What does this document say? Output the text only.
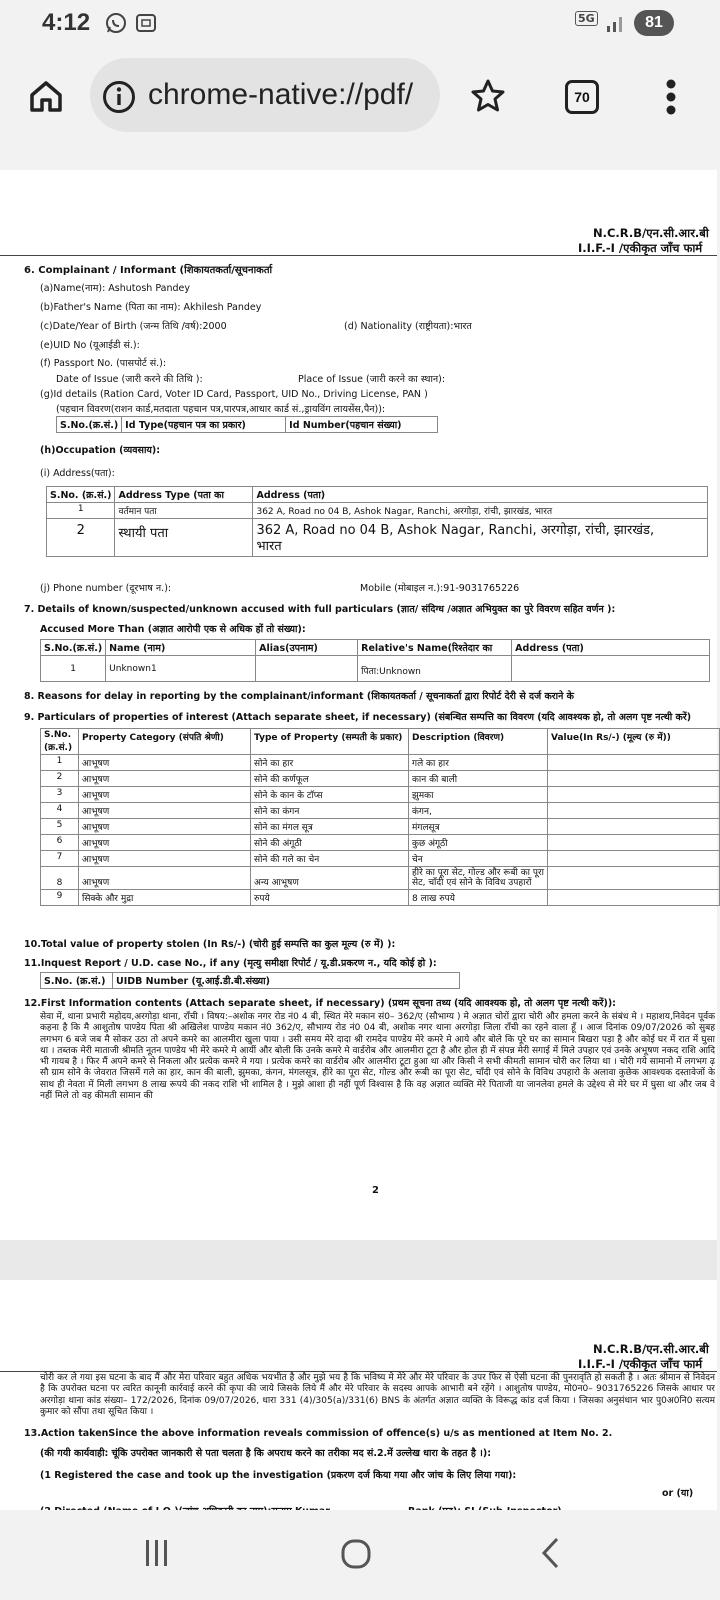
4:12	5G	81
chrome-native://pdf/	70
N.C.R.B/एन.सी.आर.बी
I.I.F.-I /एकीकृत जाँच फार्म
6. Complainant / Informant (शिकायतकर्ता/सूचनाकर्ता
(a)Name(नाम): Ashutosh Pandey
(b)Father's Name (पिता का नाम): Akhilesh Pandey
(c)Date/Year of Birth (जन्म तिथि /वर्ष):2000	(d) Nationality (राष्ट्रीयता):भारत
(e)UID No (यूआईडी सं.):
(f) Passport No. (पासपोर्ट सं.):
Date of Issue (जारी करने की तिथि ):	Place of Issue (जारी करने का स्थान):
(g)Id details (Ration Card, Voter ID Card, Passport, UID No., Driving License, PAN )
(पहचान विवरण(राशन कार्ड,मतदाता पहचान पत्र,पारपत्र,आधार कार्ड सं.,ड्रायविंग लायसेंस,पैन)):
S.No.(क्र.सं.)	Id Type(पहचान पत्र का प्रकार)	Id Number(पहचान संख्या)
(h)Occupation (व्यवसाय):
(i) Address(पता):
S.No. (क्र.सं.)	Address Type (पता का	Address (पता)
1	वर्तमान पता	362 A, Road no 04 B, Ashok Nagar, Ranchi, अरगोड़ा, रांची, झारखंड, भारत
2	स्थायी पता	362 A, Road no 04 B, Ashok Nagar, Ranchi, अरगोड़ा, रांची, झारखंड,
भारत
(j) Phone number (दूरभाष न.):	Mobile (मोबाइल न.):91-9031765226
7. Details of known/suspected/unknown accused with full particulars (ज्ञात/ संदिग्ध /अज्ञात अभियुक्त का पुरे विवरण सहित वर्णन ):
Accused More Than (अज्ञात आरोपी एक से अधिक हों तो संख्या):
S.No.(क्र.सं.)	Name (नाम)	Alias(उपनाम)	Relative's Name(रिश्तेदार का	Address (पता)
1	Unknown1		पिता:Unknown	
8. Reasons for delay in reporting by the complainant/informant (शिकायतकर्ता / सूचनाकर्ता द्वारा रिपोर्ट देरी से दर्ज कराने के
9. Particulars of properties of interest (Attach separate sheet, if necessary) (संबन्धित सम्पत्ति का विवरण (यदि आवश्यक हो, तो अलग पृष्ट नत्थी करें)
S.No. (क्र.सं.)	Property Category (संपति श्रेणी)	Type of Property (सम्पती के प्रकार)	Description (विवरण)	Value(In Rs/-) (मूल्य (रु में))
1	आभूषण	सोने का हार	गले का हार	
2	आभूषण	सोने की कर्णफूल	कान की बाली	
3	आभूषण	सोने के कान के टॉप्स	झुमका	
4	आभूषण	सोने का कंगन	कंगन,	
5	आभूषण	सोने का मंगल सूत्र	मंगलसूत्र	
6	आभूषण	सोने की अंगूठी	कुछ अंगूठी	
7	आभूषण	सोने की गले का चेन	चेन	
8	आभूषण	अन्य आभूषण	हीरे का पूरा सेट, गोल्ड और रूबी का पूरा सेट, चाँदी एवं सोने के विविध उपहारों	
9	सिक्के और मुद्रा	रुपये	8 लाख रुपये	
10.Total value of property stolen (In Rs/-) (चोरी हुई सम्पत्ति का कुल मूल्य (रु में) ):
11.Inquest Report / U.D. case No., if any (मृत्यु समीक्षा रिपोर्ट / यू.डी.प्रकरण न., यदि कोई हो ):
S.No. (क्र.सं.)	UIDB Number (यू.आई.डी.बी.संख्या)
12.First Information contents (Attach separate sheet, if necessary) (प्रथम सूचना तथ्य (यदि आवश्यक हो, तो अलग पृष्ट नत्थी करें)):
सेवा में, थाना प्रभारी महोदय,अरगोड़ा थाना, राँची । विषय:–अशोक नगर रोड नं0 4 बी, स्थित मेरे मकान सं0– 362/ए (सौभाग्य ) मे अज्ञात चोरों द्वारा चोरी और हमला करने के संबंध मे । महाशय,निवेदन पूर्वक कहना है कि मै आशुतोष पाण्डेय पिता श्री अखिलेश पाण्डेय मकान नं0 362/ए, सौभाग्य रोड नं0 04 बी, अशोक नगर थाना अरगोड़ा जिला राँची का रहने वाला हूँ । आज दिनांक 09/07/2026 को सुबह लगभग 6 बजे जब मै सोकर उठा तो अपने कमरे का आलमीरा खुला पाया । उसी समय मेरे दादा श्री रामदेव पाण्डेय मेरे कमरे मे आये और बोले कि पूरे घर का सामान बिखरा पड़ा है और कोई घर में रात में घुसा था । तब्तक मेरी माताजी श्रीमति नूतन पाण्डेय भी मेरे कमरे मे आयीं और बोली कि उनके कमरे मे वार्डरोब और आलमीरा टूटा है और होल ही में संपन्न मेरी सगाई में मिले उपहार एवं उनके अभूषण नकद राशि आदि भी गायब है । फिर मैं अपने कमरे से निकला और प्रत्येक कमरे मे गया । प्रत्येक कमरे का वार्डरोब और आलमीरा टूटा हुआ था और किसी ने सभी कीमती सामान चोरी कर लिया था । चोरी गये सामानो में लगभग ढ़ सौ ग्राम सोने के जेवरात जिसमें गले का हार, कान की बाली, झुमका, कंगन, मंगलसूत्र, हीरे का पूरा सेट, गोल्ड और रूबी का पूरा सेट, चाँदी एवं सोने के विविध उपहारो के अलावा कुछेक आवश्यक दस्तावेजों के साथ ही नेवता में मिली लगभग 8 लाख रूपये की नकद राशि भी शामिल है । मुझे आशा ही नहीं पूर्ण विश्वास है कि वह अज्ञात व्यक्ति मेरे पिताजी या जानलेवा हमले के उद्देश्य से मेरे घर में घुसा था और जब वे नहीं मिले तो वह कीमती सामान की
2
N.C.R.B/एन.सी.आर.बी
I.I.F.-I /एकीकृत जाँच फार्म
चोरी कर ले गया इस घटना के बाद मैं और मेरा परिवार बहुत अधिक भयभीत है और मुझे भय है कि भविष्य मे मेरे और मेरे परिवार के उपर फिर से ऐसी घटना की पुनरावृति हो सकती है । अतः श्रीमान से निवेदन है कि उपरोक्त घटना पर त्वरित कानूनी कार्रवाई करने की कृपा की जाये जिसके लिये मैं और मेरे परिवार के सदस्य आपके आभारी बने रहेंगे । आशुतोष पाण्डेय, मो0न0– 9031765226 जिसके आधार पर अरगोड़ा थाना कांड संख्या– 172/2026, दिनांक 09/07/2026, धारा 331 (4)/305(a)/331(6) BNS के अंतर्गत अज्ञात व्यक्ति के विरूद्ध कांड दर्ज किया । जिसका अनुसंधान भार पु0अ0नि0 सत्यम कुमार को सौंपा तथा सूचित किया ।
13.Action takenSince the above information reveals commission of offence(s) u/s as mentioned at Item No. 2.
(की गयी कार्यवाही: चूंकि उपरोक्त जानकारी से पता चलता है कि अपराध करने का तरीका मद सं.2.में उल्लेख धारा के तहत है ।):
(1 Registered the case and took up the investigation (प्रकरण दर्ज किया गया और जांच के लिए लिया गया):
or (या)
